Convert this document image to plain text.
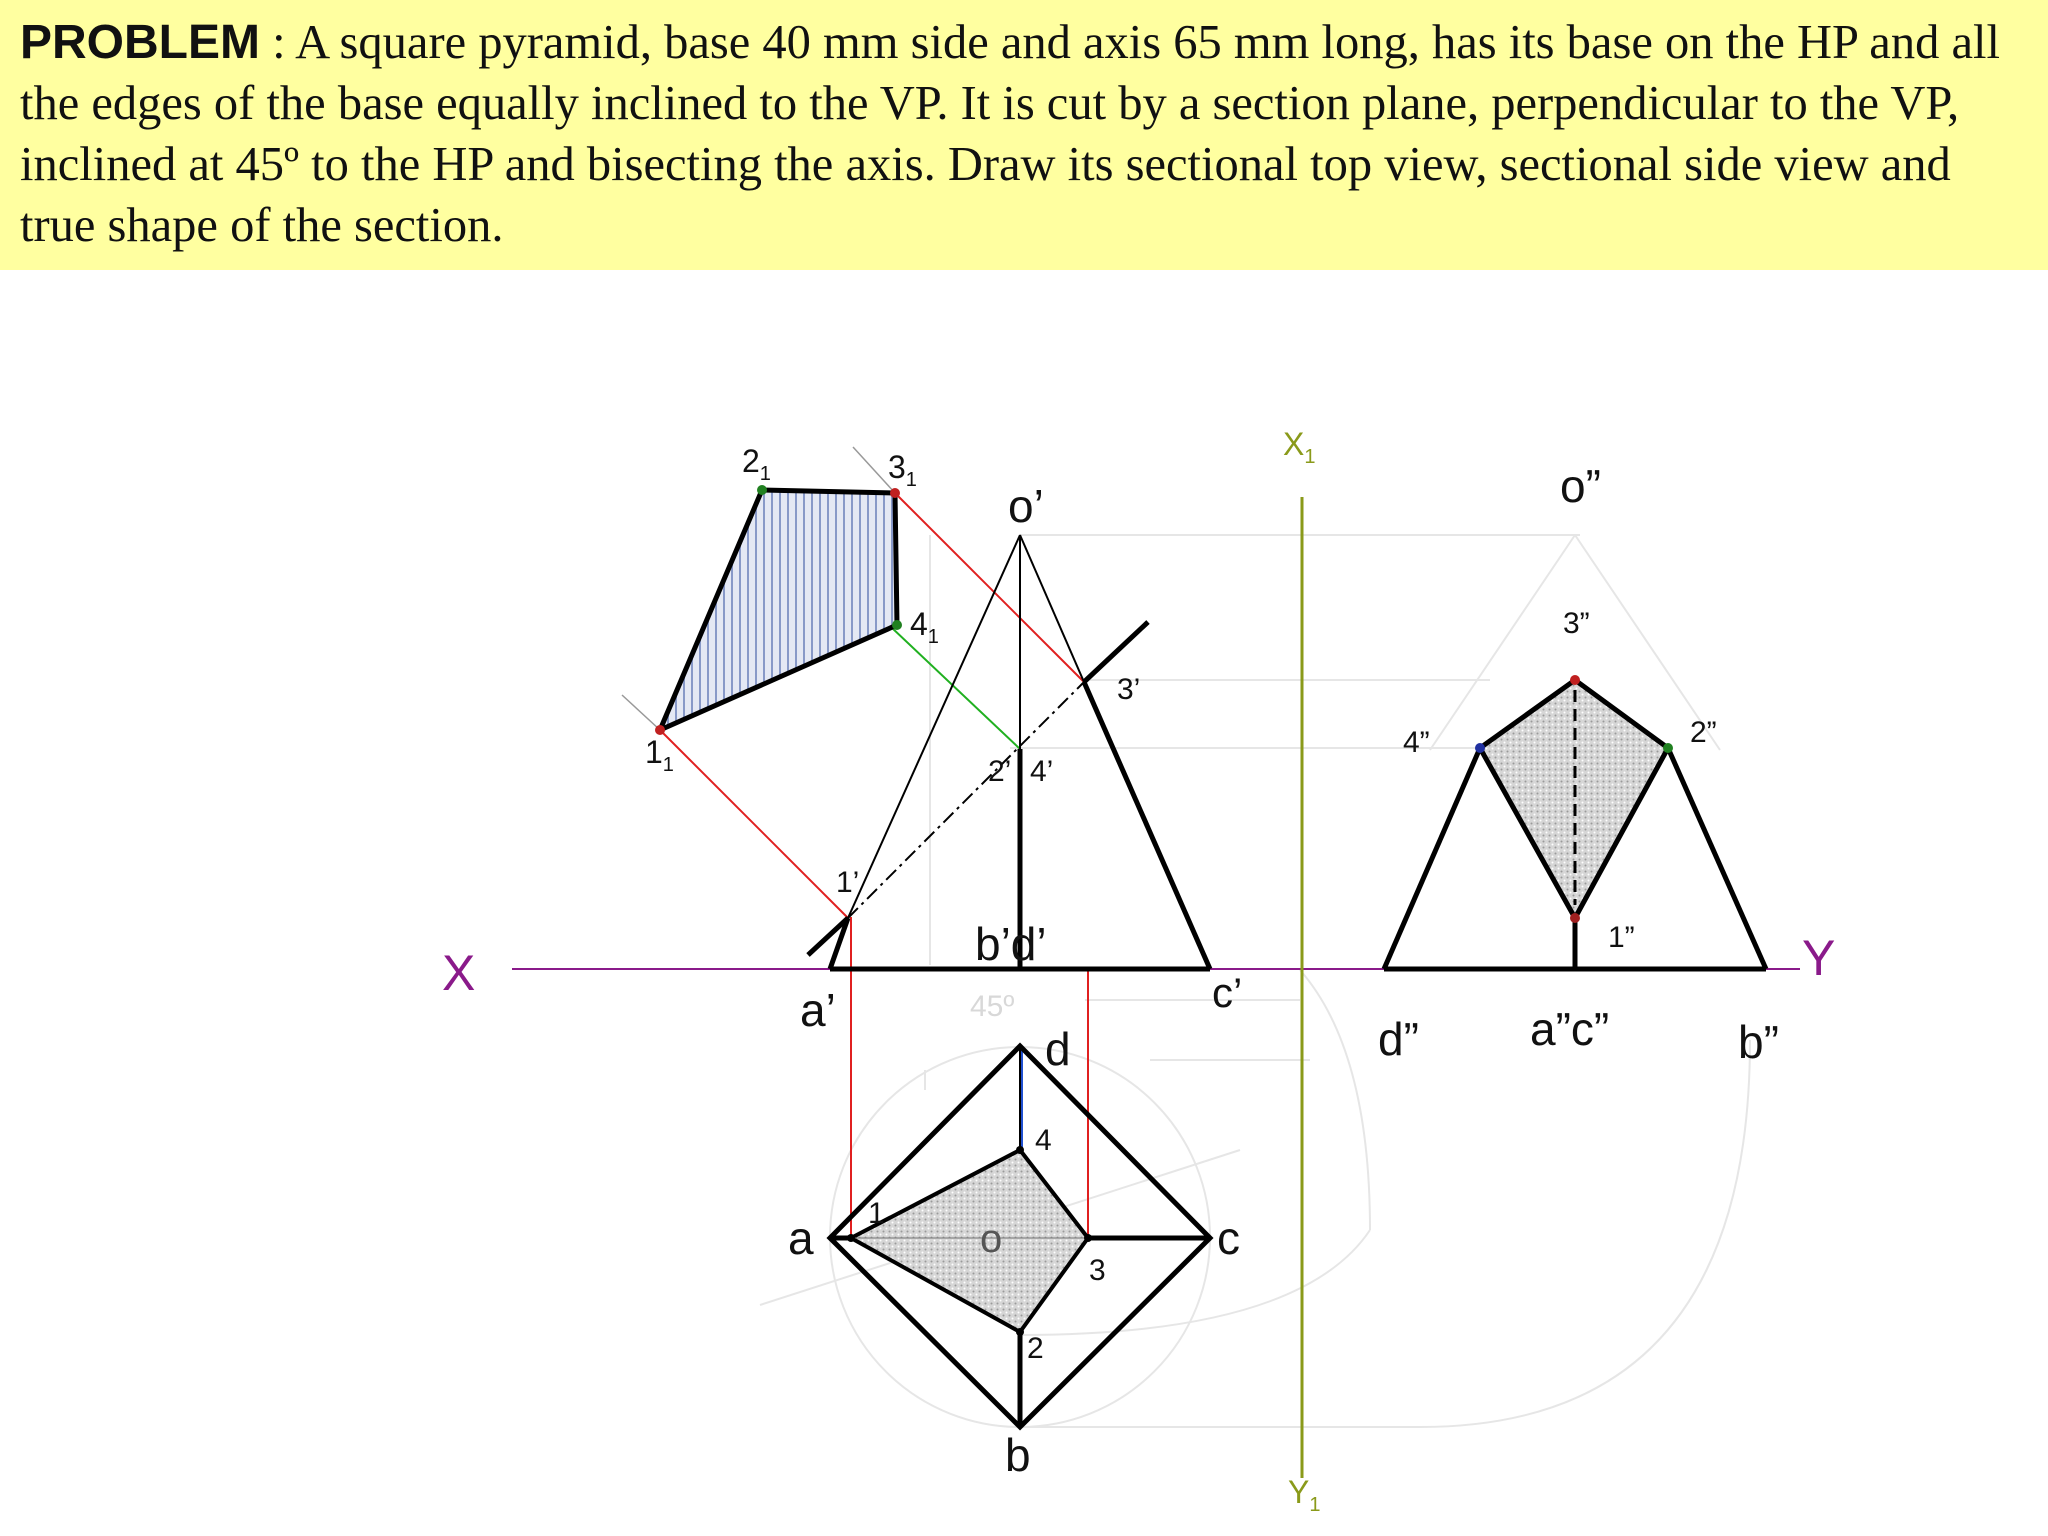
PROBLEM : A square pyramid, base 40 mm side and axis 65 mm long, has its base on the HP and all the edges of the base equally inclined to the VP. It is cut by a section plane, perpendicular to the VP, inclined at 45º to the HP and bisecting the axis. Draw its sectional top view, sectional side view and true shape of the section.

X	Y
$X_1$
$Y_1$
o’
a’
b’d’
c’
1’
2’ 4’
3’
45º
a
b
c
d
o
1
2
3
4
o”
d” a”c”	b”
1”
2”
3”
4”
$1_1$
$2_1$	$3_1$
$4_1$
